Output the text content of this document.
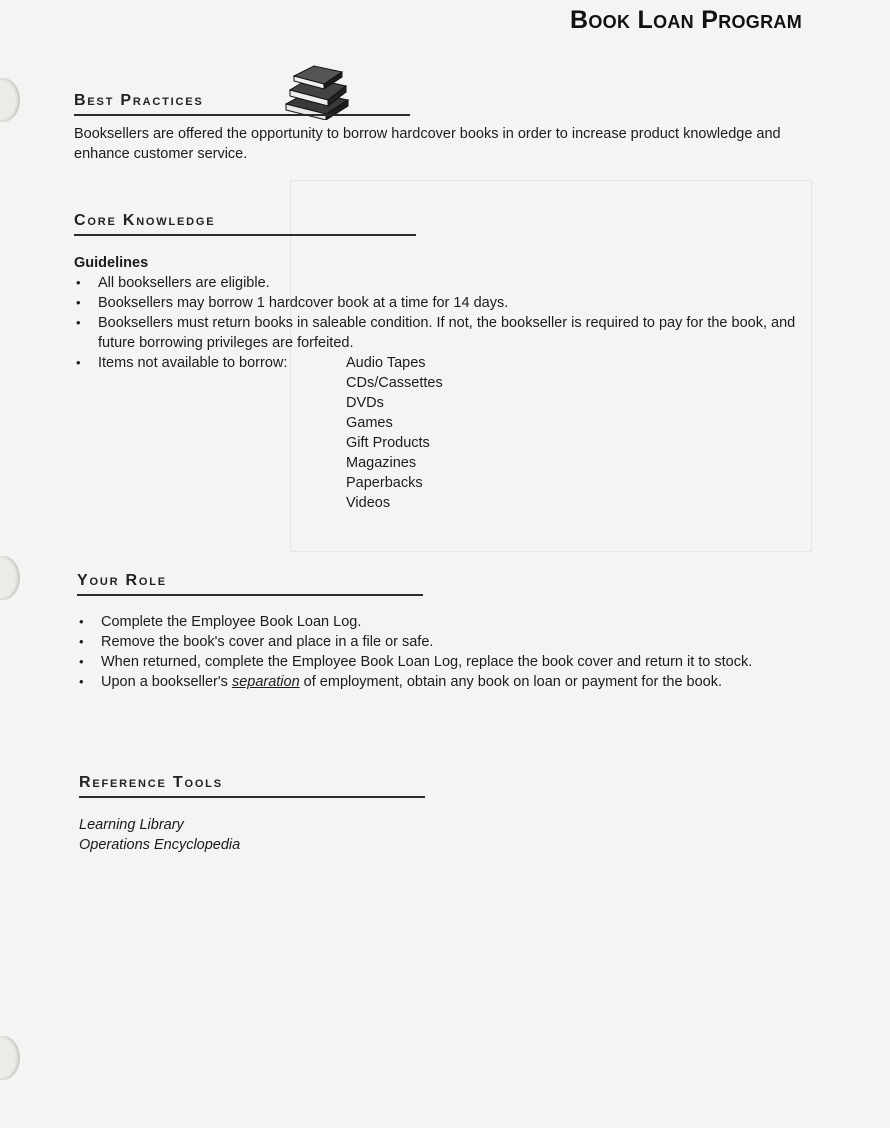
Book Loan Program
Best Practices
Booksellers are offered the opportunity to borrow hardcover books in order to increase product knowledge and enhance customer service.
Core Knowledge
Guidelines
• All booksellers are eligible.
• Booksellers may borrow 1 hardcover book at a time for 14 days.
• Booksellers must return books in saleable condition. If not, the bookseller is required to pay for the book, and future borrowing privileges are forfeited.
• Items not available to borrow:	Audio Tapes
CDs/Cassettes
DVDs
Games
Gift Products
Magazines
Paperbacks
Videos
Your Role
• Complete the Employee Book Loan Log.
• Remove the book's cover and place in a file or safe.
• When returned, complete the Employee Book Loan Log, replace the book cover and return it to stock.
• Upon a bookseller's separation of employment, obtain any book on loan or payment for the book.
Reference Tools
Learning Library
Operations Encyclopedia
